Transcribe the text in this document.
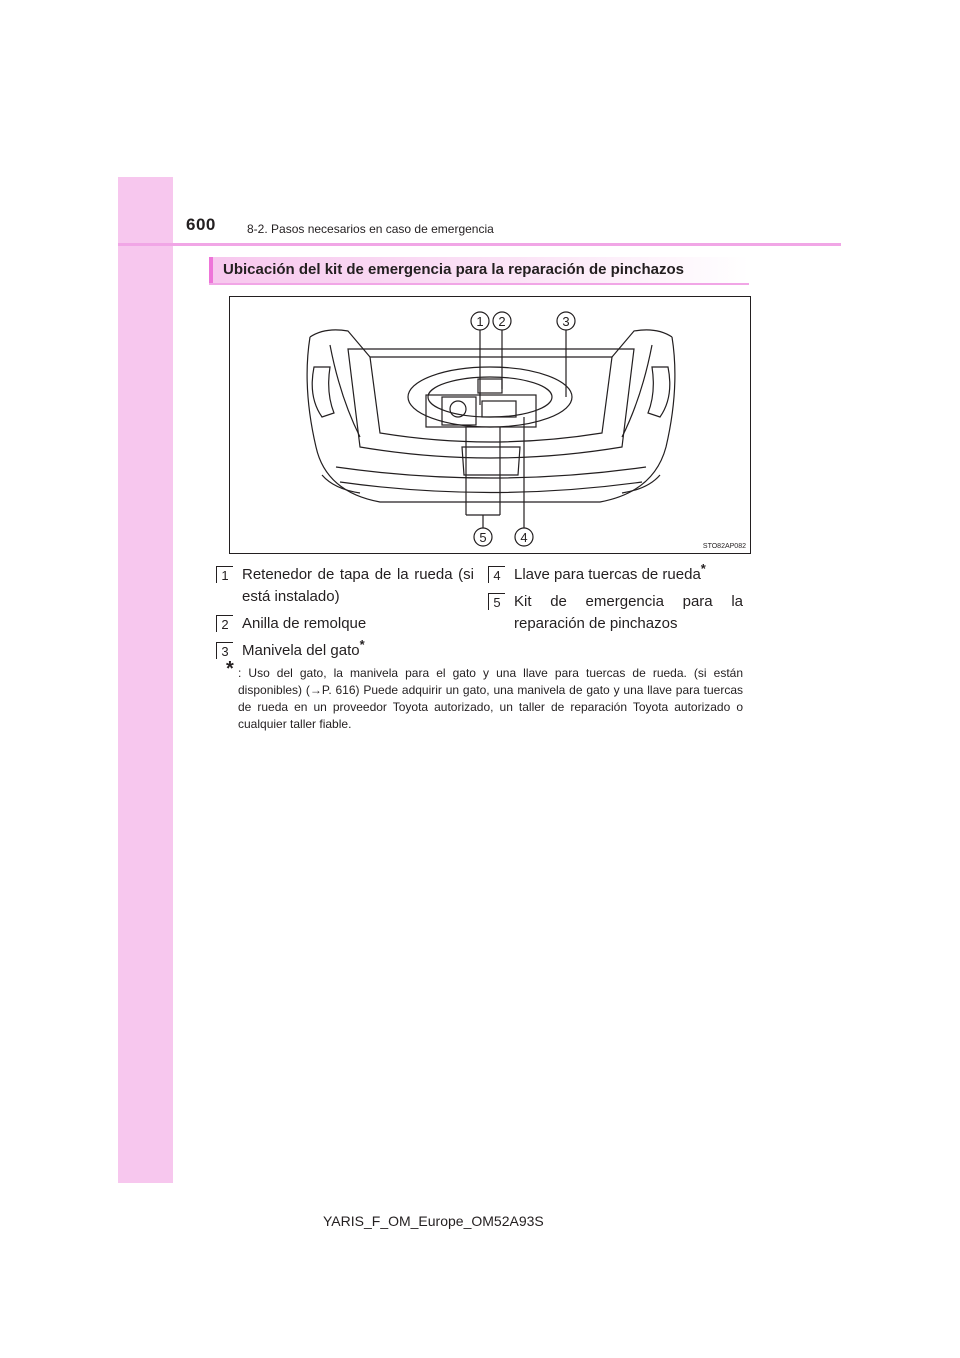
600	8-2. Pasos necesarios en caso de emergencia
Ubicación del kit de emergencia para la reparación de pinchazos
1 2	3
5	4
STO82AP082
1 Retenedor de tapa de la rueda (si está instalado)
2 Anilla de remolque
3 Manivela del gato*
4 Llave para tuercas de rueda*
5 Kit de emergencia para la reparación de pinchazos
* : Uso del gato, la manivela para el gato y una llave para tuercas de rueda. (si están disponibles) (→P. 616) Puede adquirir un gato, una manivela de gato y una llave para tuercas de rueda en un proveedor Toyota autorizado, un taller de reparación Toyota autorizado o cualquier taller fiable.
YARIS_F_OM_Europe_OM52A93S
